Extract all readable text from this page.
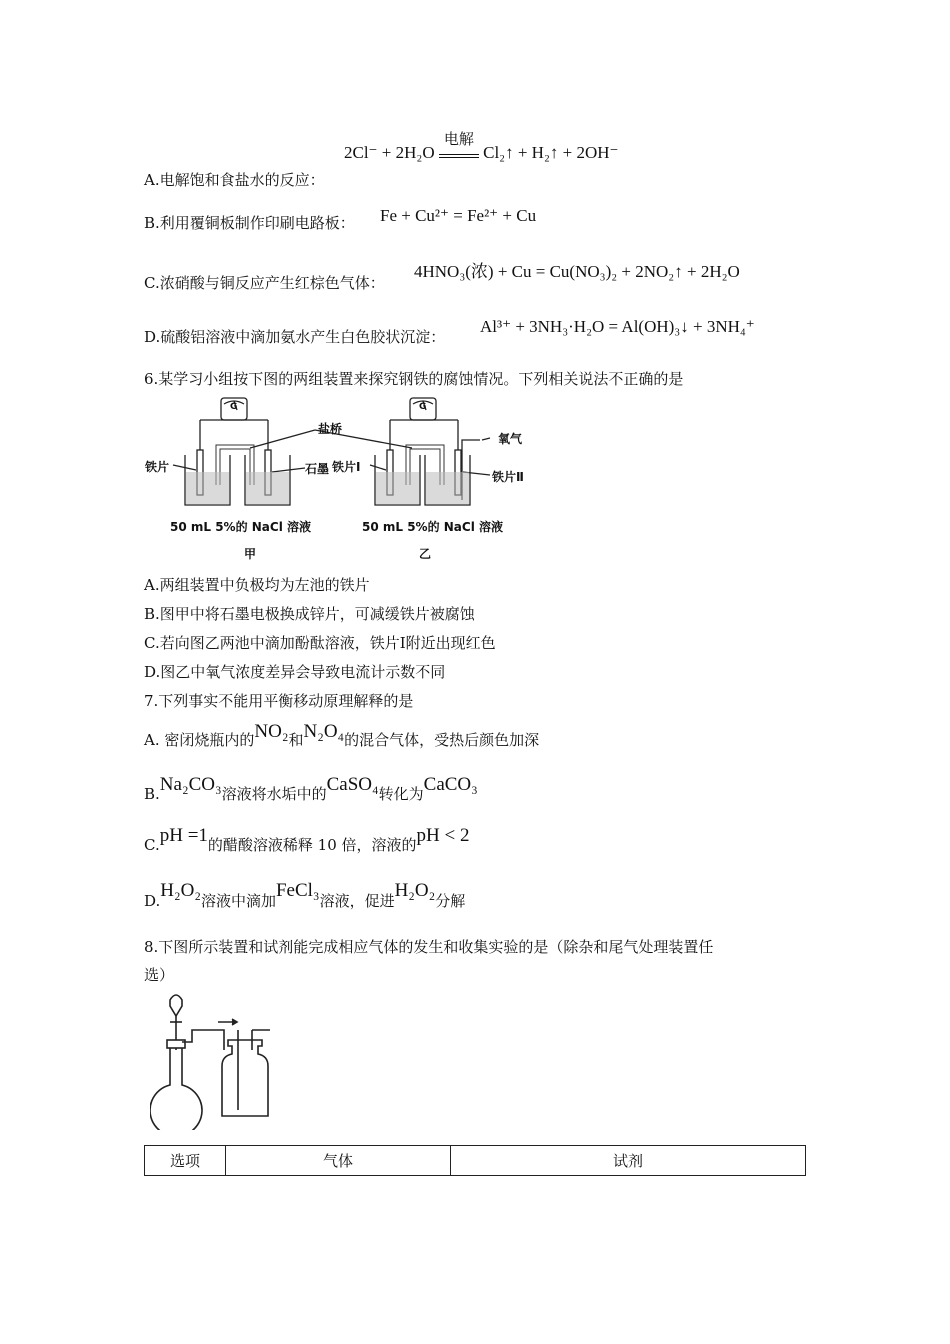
2Cl⁻ + 2H₂O
电解
Cl₂↑ + H₂↑ + 2OH⁻
A.电解饱和食盐水的反应：
B.利用覆铜板制作印刷电路板： Fe + Cu²⁺ = Fe²⁺ + Cu
C.浓硝酸与铜反应产生红棕色气体：
4HNO₃(浓) + Cu = Cu(NO₃)₂ + 2NO₂↑ + 2H₂O
D.硫酸铝溶液中滴加氨水产生白色胶状沉淀：
Al³⁺ + 3NH₃·H₂O = Al(OH)₃↓ + 3NH₄⁺
6.某学习小组按下图的两组装置来探究钢铁的腐蚀情况。下列相关说法不正确的是
盐桥
氧气
铁片	石墨 铁片Ⅰ
铁片Ⅱ
50 mL 5%的 NaCl 溶液	50 mL 5%的 NaCl 溶液
G	G
甲	乙
A.两组装置中负极均为左池的铁片
B.图甲中将石墨电极换成锌片，可减缓铁片被腐蚀
C.若向图乙两池中滴加酚酞溶液，铁片Ⅰ附近出现红色
D.图乙中氧气浓度差异会导致电流计示数不同
7.下列事实不能用平衡移动原理解释的是
A. 密闭烧瓶内的NO₂和N₂O₄的混合气体，受热后颜色加深
B.Na₂CO₃溶液将水垢中的CaSO₄转化为CaCO₃
C.pH =1的醋酸溶液稀释 10 倍，溶液的pH < 2
D.H₂O₂溶液中滴加FeCl₃溶液，促进H₂O₂分解
8.下图所示装置和试剂能完成相应气体的发生和收集实验的是（除杂和尾气处理装置任
选）
选项	气体	试剂
